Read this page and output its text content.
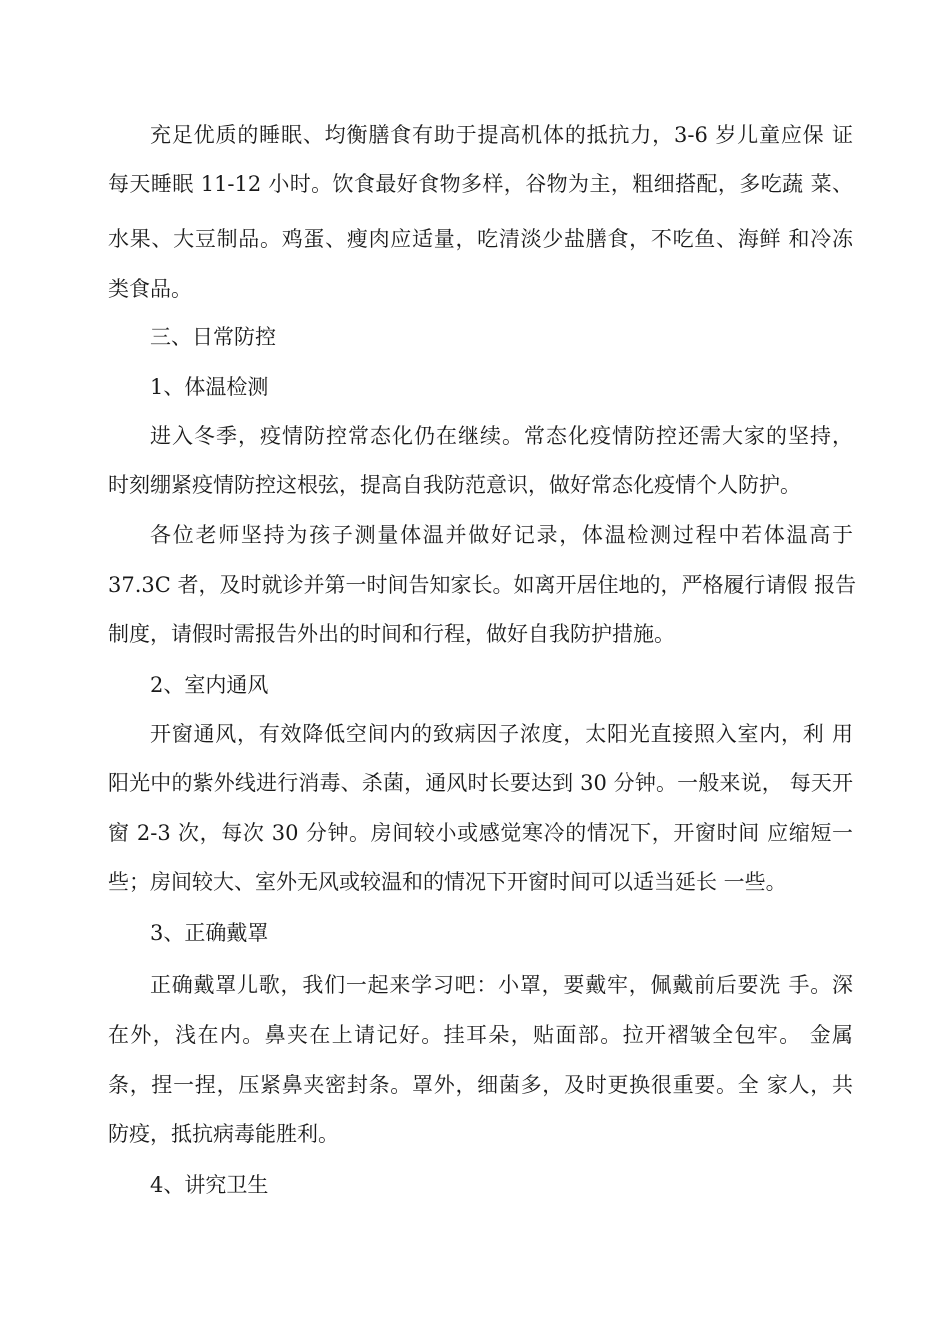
充足优质的睡眠、均衡膳食有助于提高机体的抵抗力，3-6 岁儿童应保 证
每天睡眠 11-12 小时。饮食最好食物多样，谷物为主，粗细搭配，多吃蔬 菜、
水果、大豆制品。鸡蛋、瘦肉应适量，吃清淡少盐膳食，不吃鱼、海鲜 和冷冻
类食品。
三、日常防控
1、体温检测
进入冬季，疫情防控常态化仍在继续。常态化疫情防控还需大家的坚持，
时刻绷紧疫情防控这根弦，提高自我防范意识，做好常态化疫情个人防护。
各位老师坚持为孩子测量体温并做好记录，体温检测过程中若体温高于
37.3C 者，及时就诊并第一时间告知家长。如离开居住地的，严格履行请假 报告
制度，请假时需报告外出的时间和行程，做好自我防护措施。
2、室内通风
开窗通风，有效降低空间内的致病因子浓度，太阳光直接照入室内，利 用
阳光中的紫外线进行消毒、杀菌，通风时长要达到 30 分钟。一般来说， 每天开
窗 2-3 次，每次 30 分钟。房间较小或感觉寒冷的情况下，开窗时间 应缩短一
些；房间较大、室外无风或较温和的情况下开窗时间可以适当延长 一些。
3、正确戴罩
正确戴罩儿歌，我们一起来学习吧：小罩，要戴牢，佩戴前后要洗 手。深
在外，浅在内。鼻夹在上请记好。挂耳朵，贴面部。拉开褶皱全包牢。 金属
条，捏一捏，压紧鼻夹密封条。罩外，细菌多，及时更换很重要。全 家人，共
防疫，抵抗病毒能胜利。
4、讲究卫生
